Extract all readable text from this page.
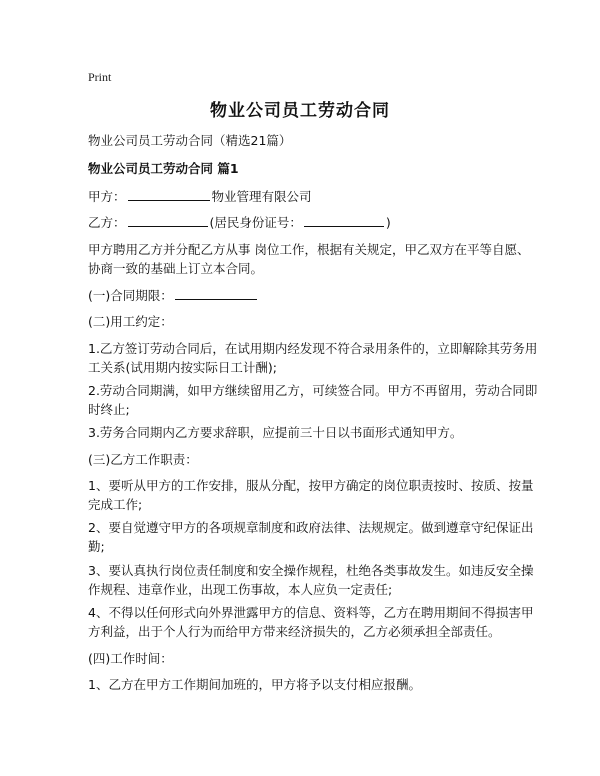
Print
物业公司员工劳动合同
物业公司员工劳动合同（精选21篇）
物业公司员工劳动合同 篇1
甲方：	物业管理有限公司
乙方：	(居民身份证号：	)
甲方聘用乙方并分配乙方从事 岗位工作，根据有关规定，甲乙双方在平等自愿、
协商一致的基础上订立本合同。
(一)合同期限：
(二)用工约定：
1.乙方签订劳动合同后，在试用期内经发现不符合录用条件的，立即解除其劳务用
工关系(试用期内按实际日工计酬);
2.劳动合同期满，如甲方继续留用乙方，可续签合同。甲方不再留用，劳动合同即
时终止;
3.劳务合同期内乙方要求辞职，应提前三十日以书面形式通知甲方。
(三)乙方工作职责：
1、要听从甲方的工作安排，服从分配，按甲方确定的岗位职责按时、按质、按量
完成工作;
2、要自觉遵守甲方的各项规章制度和政府法律、法规规定。做到遵章守纪保证出
勤;
3、要认真执行岗位责任制度和安全操作规程，杜绝各类事故发生。如违反安全操
作规程、违章作业，出现工伤事故，本人应负一定责任;
4、不得以任何形式向外界泄露甲方的信息、资料等，乙方在聘用期间不得损害甲
方利益，出于个人行为而给甲方带来经济损失的，乙方必须承担全部责任。
(四)工作时间：
1、乙方在甲方工作期间加班的，甲方将予以支付相应报酬。
